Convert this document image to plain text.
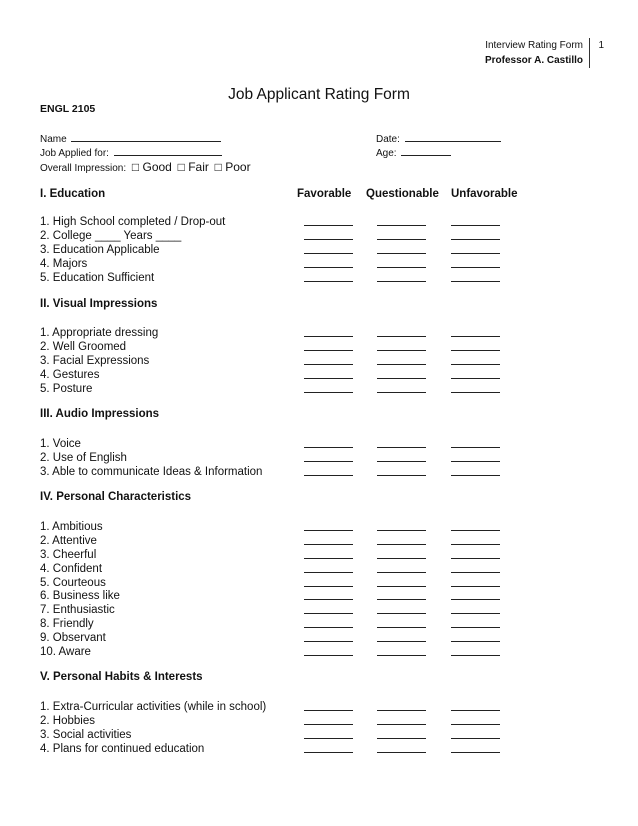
Interview Rating Form
Professor A. Castillo
1
Job Applicant Rating Form
ENGL 2105
Name
Job Applied for:
Date:
Age:
Overall Impression: □ Good □ Fair □ Poor
Favorable Questionable Unfavorable
I. Education
II. Visual Impressions
III. Audio Impressions
IV. Personal Characteristics
V. Personal Habits & Interests
1. High School completed / Drop-out
2. College ____ Years ____
3. Education Applicable
4. Majors
5. Education Sufficient
1. Appropriate dressing
2. Well Groomed
3. Facial Expressions
4. Gestures
5. Posture
1. Voice
2. Use of English
3. Able to communicate Ideas & Information
1. Ambitious
2. Attentive
3. Cheerful
4. Confident
5. Courteous
6. Business like
7. Enthusiastic
8. Friendly
9. Observant
10. Aware
1. Extra-Curricular activities (while in school)
2. Hobbies
3. Social activities
4. Plans for continued education
